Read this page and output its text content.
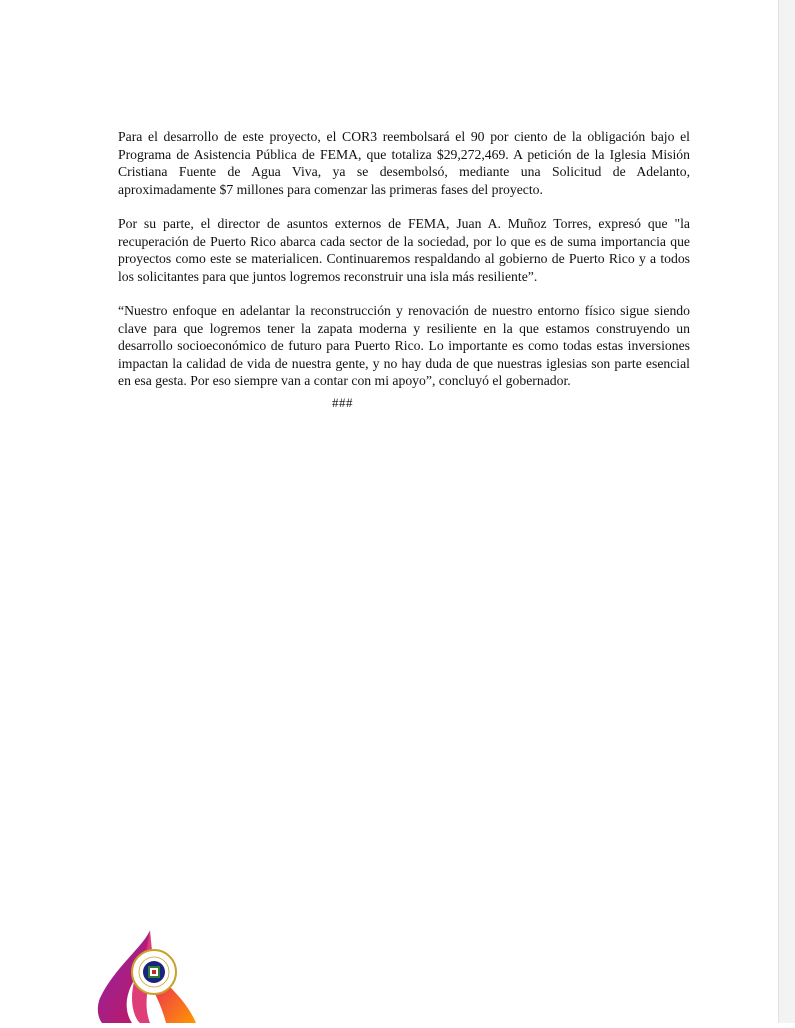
Para el desarrollo de este proyecto, el COR3 reembolsará el 90 por ciento de la obligación bajo el Programa de Asistencia Pública de FEMA, que totaliza $29,272,469. A petición de la Iglesia Misión Cristiana Fuente de Agua Viva, ya se desembolsó, mediante una Solicitud de Adelanto, aproximadamente $7 millones para comenzar las primeras fases del proyecto.

Por su parte, el director de asuntos externos de FEMA, Juan A. Muñoz Torres, expresó que "la recuperación de Puerto Rico abarca cada sector de la sociedad, por lo que es de suma importancia que proyectos como este se materialicen. Continuaremos respaldando al gobierno de Puerto Rico y a todos los solicitantes para que juntos logremos reconstruir una isla más resiliente”.

“Nuestro enfoque en adelantar la reconstrucción y renovación de nuestro entorno físico sigue siendo clave para que logremos tener la zapata moderna y resiliente en la que estamos construyendo un desarrollo socioeconómico de futuro para Puerto Rico. Lo importante es como todas estas inversiones impactan la calidad de vida de nuestra gente, y no hay duda de que nuestras iglesias son parte esencial en esa gesta. Por eso siempre van a contar con mi apoyo”, concluyó el gobernador.

###
